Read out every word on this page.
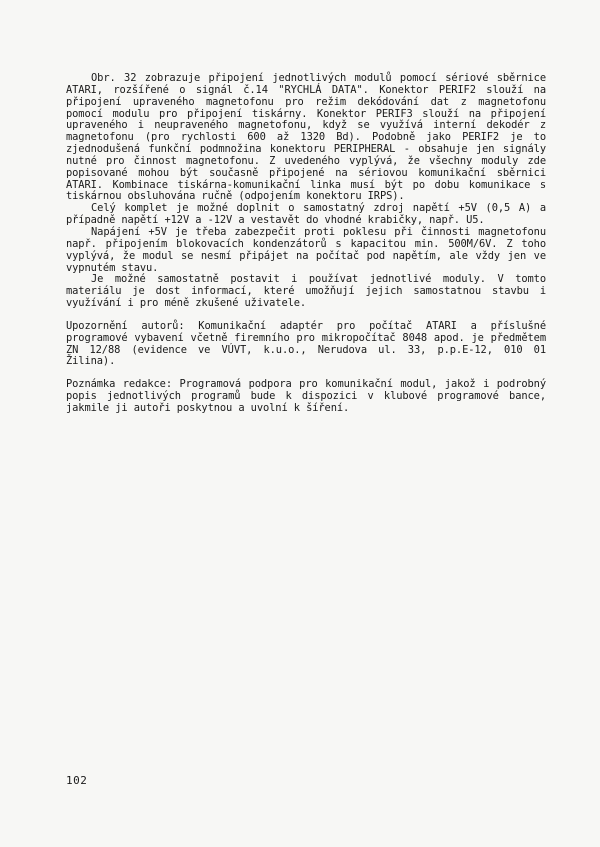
Obr. 32 zobrazuje připojení jednotlivých modulů pomocí sériové sběrnice ATARI, rozšířené o signál č.14 "RYCHLÁ DATA". Konektor PERIF2 slouží na připojení upraveného magnetofonu pro režim dekódování dat z magnetofonu pomocí modulu pro připojení tiskárny. Konektor PERIF3 slouží na připojení upraveného i neupraveného magnetofonu, když se využívá interní dekodér z magnetofonu (pro rychlosti 600 až 1320 Bd). Podobně jako PERIF2 je to zjednodušená funkční podmnožina konektoru PERIPHERAL - obsahuje jen signály nutné pro činnost magnetofonu. Z uvedeného vyplývá, že všechny moduly zde popisované mohou být současně připojené na sériovou komunikační sběrnici ATARI. Kombinace tiskárna-komunikační linka musí být po dobu komunikace s tiskárnou obsluhována ručně (odpojením konektoru IRPS).

Celý komplet je možné doplnit o samostatný zdroj napětí +5V (0,5 A) a případně napětí +12V a -12V a vestavět do vhodné krabičky, např. U5.

Napájení +5V je třeba zabezpečit proti poklesu při činnosti magnetofonu např. připojením blokovacích kondenzátorů s kapacitou min. 500M/6V. Z toho vyplývá, že modul se nesmí připájet na počítač pod napětím, ale vždy jen ve vypnutém stavu.

Je možné samostatně postavit i používat jednotlivé moduly. V tomto materiálu je dost informací, které umožňují jejich samostatnou stavbu i využívání i pro méně zkušené uživatele.

Upozornění autorů: Komunikační adaptér pro počítač ATARI a příslušné programové vybavení včetně firemního pro mikropočítač 8048 apod. je předmětem ZN 12/88 (evidence ve VÚVT, k.u.o., Nerudova ul. 33, p.p.E-12, 010 01 Žilina).

Poznámka redakce: Programová podpora pro komunikační modul, jakož i podrobný popis jednotlivých programů bude k dispozici v klubové programové bance, jakmile ji autoři poskytnou a uvolní k šíření.

102
